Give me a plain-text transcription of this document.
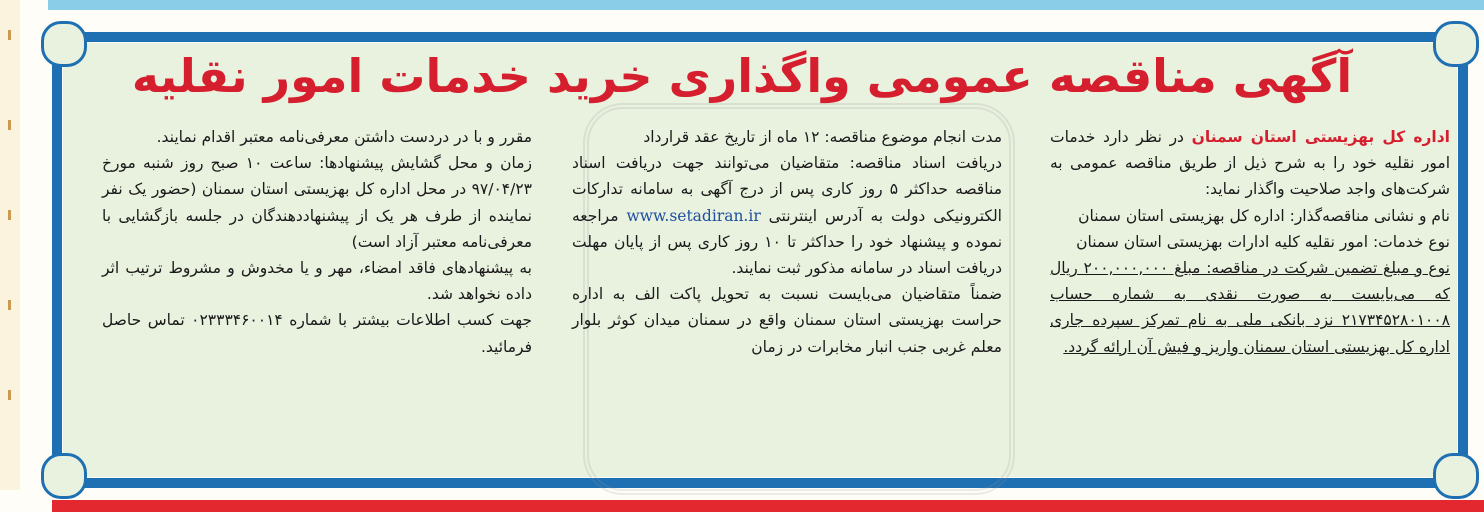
آگهی مناقصه عمومی واگذاری خرید خدمات امور نقلیه

اداره کل بهزیستی استان سمنان در نظر دارد خدمات امور نقلیه خود را به شرح ذیل از طریق مناقصه عمومی به شرکت‌های واجد صلاحیت واگذار نماید:

نام و نشانی مناقصه‌گذار: اداره کل بهزیستی استان سمنان

نوع خدمات: امور نقلیه کلیه ادارات بهزیستی استان سمنان

نوع و مبلغ تضمین شرکت در مناقصه: مبلغ ۲۰۰,۰۰۰,۰۰۰ ریال که می‌بایست به صورت نقدی به شماره حساب ۲۱۷۳۴۵۲۸۰۱۰۰۸ نزد بانکی ملی به نام تمرکز سپرده جاری اداره کل بهزیستی استان سمنان واریز و فیش آن ارائه گردد.

مدت انجام موضوع مناقصه: ۱۲ ماه از تاریخ عقد قرارداد

دریافت اسناد مناقصه: متقاضیان می‌توانند جهت دریافت اسناد مناقصه حداکثر ۵ روز کاری پس از درج آگهی به سامانه تدارکات الکترونیکی دولت به آدرس اینترنتی www.setadiran.ir مراجعه نموده و پیشنهاد خود را حداکثر تا ۱۰ روز کاری پس از پایان مهلت دریافت اسناد در سامانه مذکور ثبت نمایند.

ضمناً متقاضیان می‌بایست نسبت به تحویل پاکت الف به اداره حراست بهزیستی استان سمنان واقع در سمنان میدان کوثر بلوار معلم غربی جنب انبار مخابرات در زمان

مقرر و با در دردست داشتن معرفی‌نامه معتبر اقدام نمایند.

زمان و محل گشایش پیشنهادها: ساعت ۱۰ صبح روز شنبه مورخ ۹۷/۰۴/۲۳ در محل اداره کل بهزیستی استان سمنان (حضور یک نفر نماینده از طرف هر یک از پیشنهاددهندگان در جلسه بازگشایی با معرفی‌نامه معتبر آزاد است)

به پیشنهادهای فاقد امضاء، مهر و یا مخدوش و مشروط ترتیب اثر داده نخواهد شد.

جهت کسب اطلاعات بیشتر با شماره ۰۲۳۳۳۴۶۰۰۱۴ تماس حاصل فرمائید.
